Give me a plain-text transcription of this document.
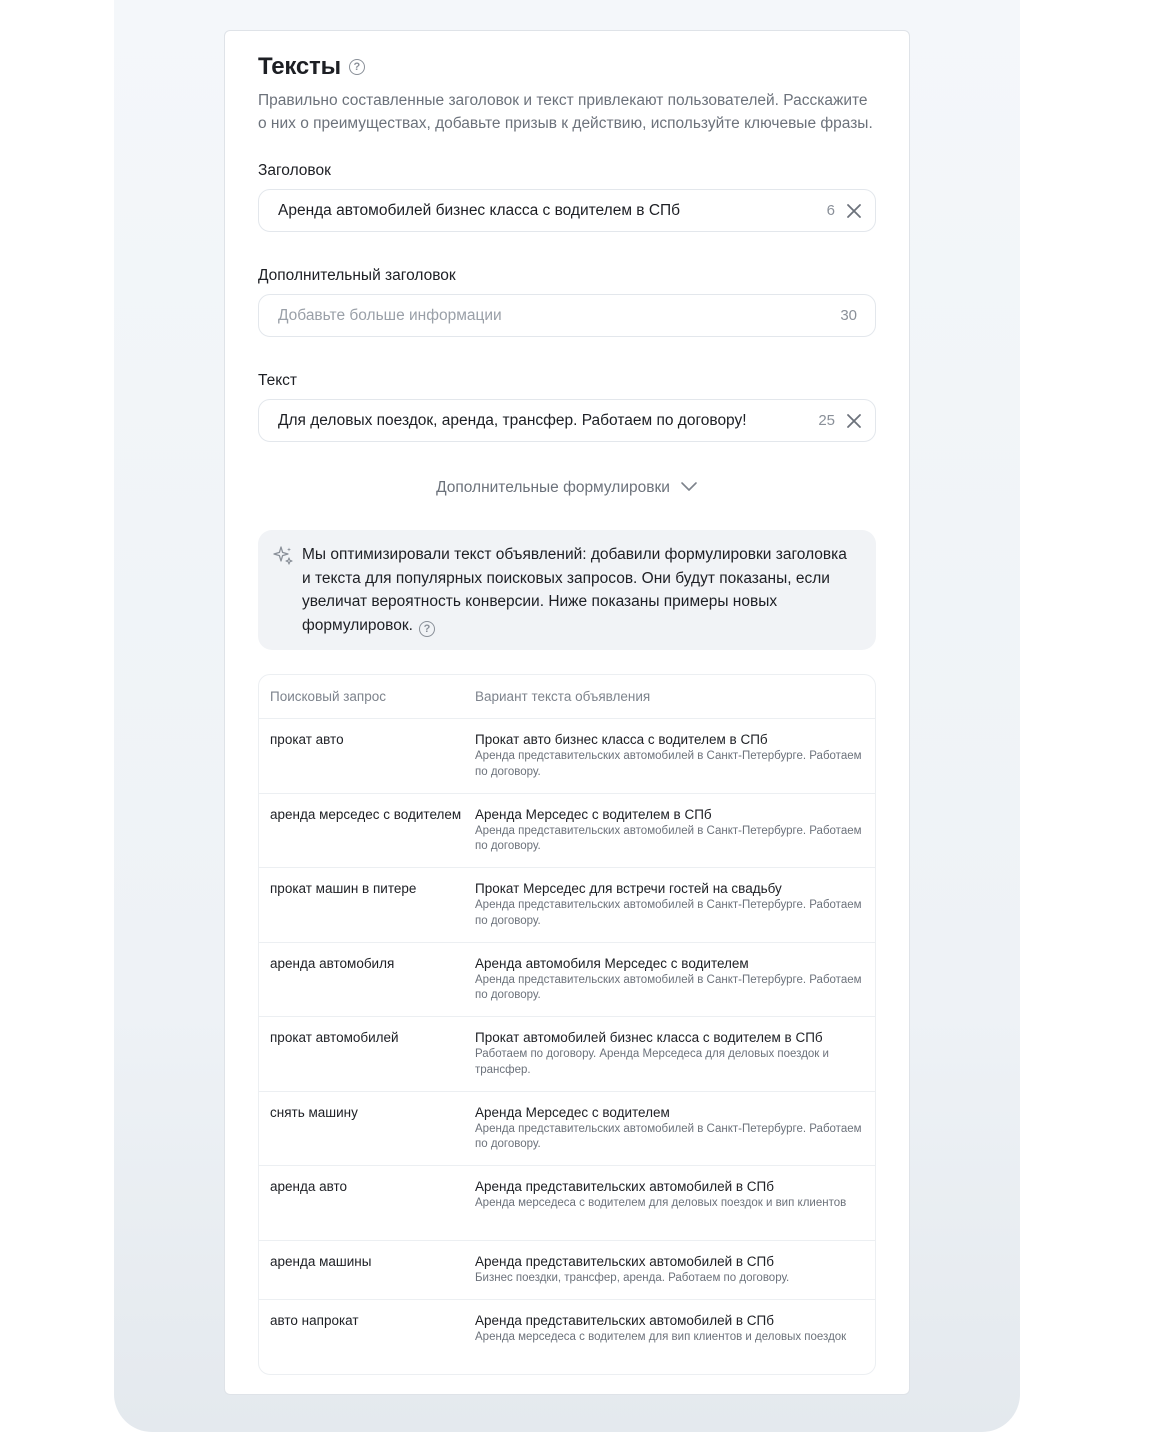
Тексты	?

Правильно составленные заголовок и текст привлекают пользователей. Расскажите о них о преимуществах, добавьте призыв к действию, используйте ключевые фразы.

Заголовок
Аренда автомобилей бизнес класса с водителем в СПб	6
Дополнительный заголовок
Добавьте больше информации	30
Текст
Для деловых поездок, аренда, трансфер. Работаем по договору!	25
Дополнительные формулировки

Мы оптимизировали текст объявлений: добавили формулировки заголовка и текста для популярных поисковых запросов. Они будут показаны, если увеличат вероятность конверсии. Ниже показаны примеры новых формулировок. ?

Поисковый запрос	Вариант текста объявления
прокат авто	Прокат авто бизнес класса с водителем в СПб
Аренда представительских автомобилей в Санкт-Петербурге. Работаем по договору.
аренда мерседес с водителем	Аренда Мерседес с водителем в СПб
Аренда представительских автомобилей в Санкт-Петербурге. Работаем по договору.
прокат машин в питере	Прокат Мерседес для встречи гостей на свадьбу
Аренда представительских автомобилей в Санкт-Петербурге. Работаем по договору.
аренда автомобиля	Аренда автомобиля Мерседес с водителем
Аренда представительских автомобилей в Санкт-Петербурге. Работаем по договору.
прокат автомобилей	Прокат автомобилей бизнес класса с водителем в СПб
Работаем по договору. Аренда Мерседеса для деловых поездок и трансфер.
снять машину	Аренда Мерседес с водителем
Аренда представительских автомобилей в Санкт-Петербурге. Работаем по договору.
аренда авто	Аренда представительских автомобилей в СПб
Аренда мерседеса с водителем для деловых поездок и вип клиентов
аренда машины	Аренда представительских автомобилей в СПб
Бизнес поездки, трансфер, аренда. Работаем по договору.
авто напрокат	Аренда представительских автомобилей в СПб
Аренда мерседеса с водителем для вип клиентов и деловых поездок
